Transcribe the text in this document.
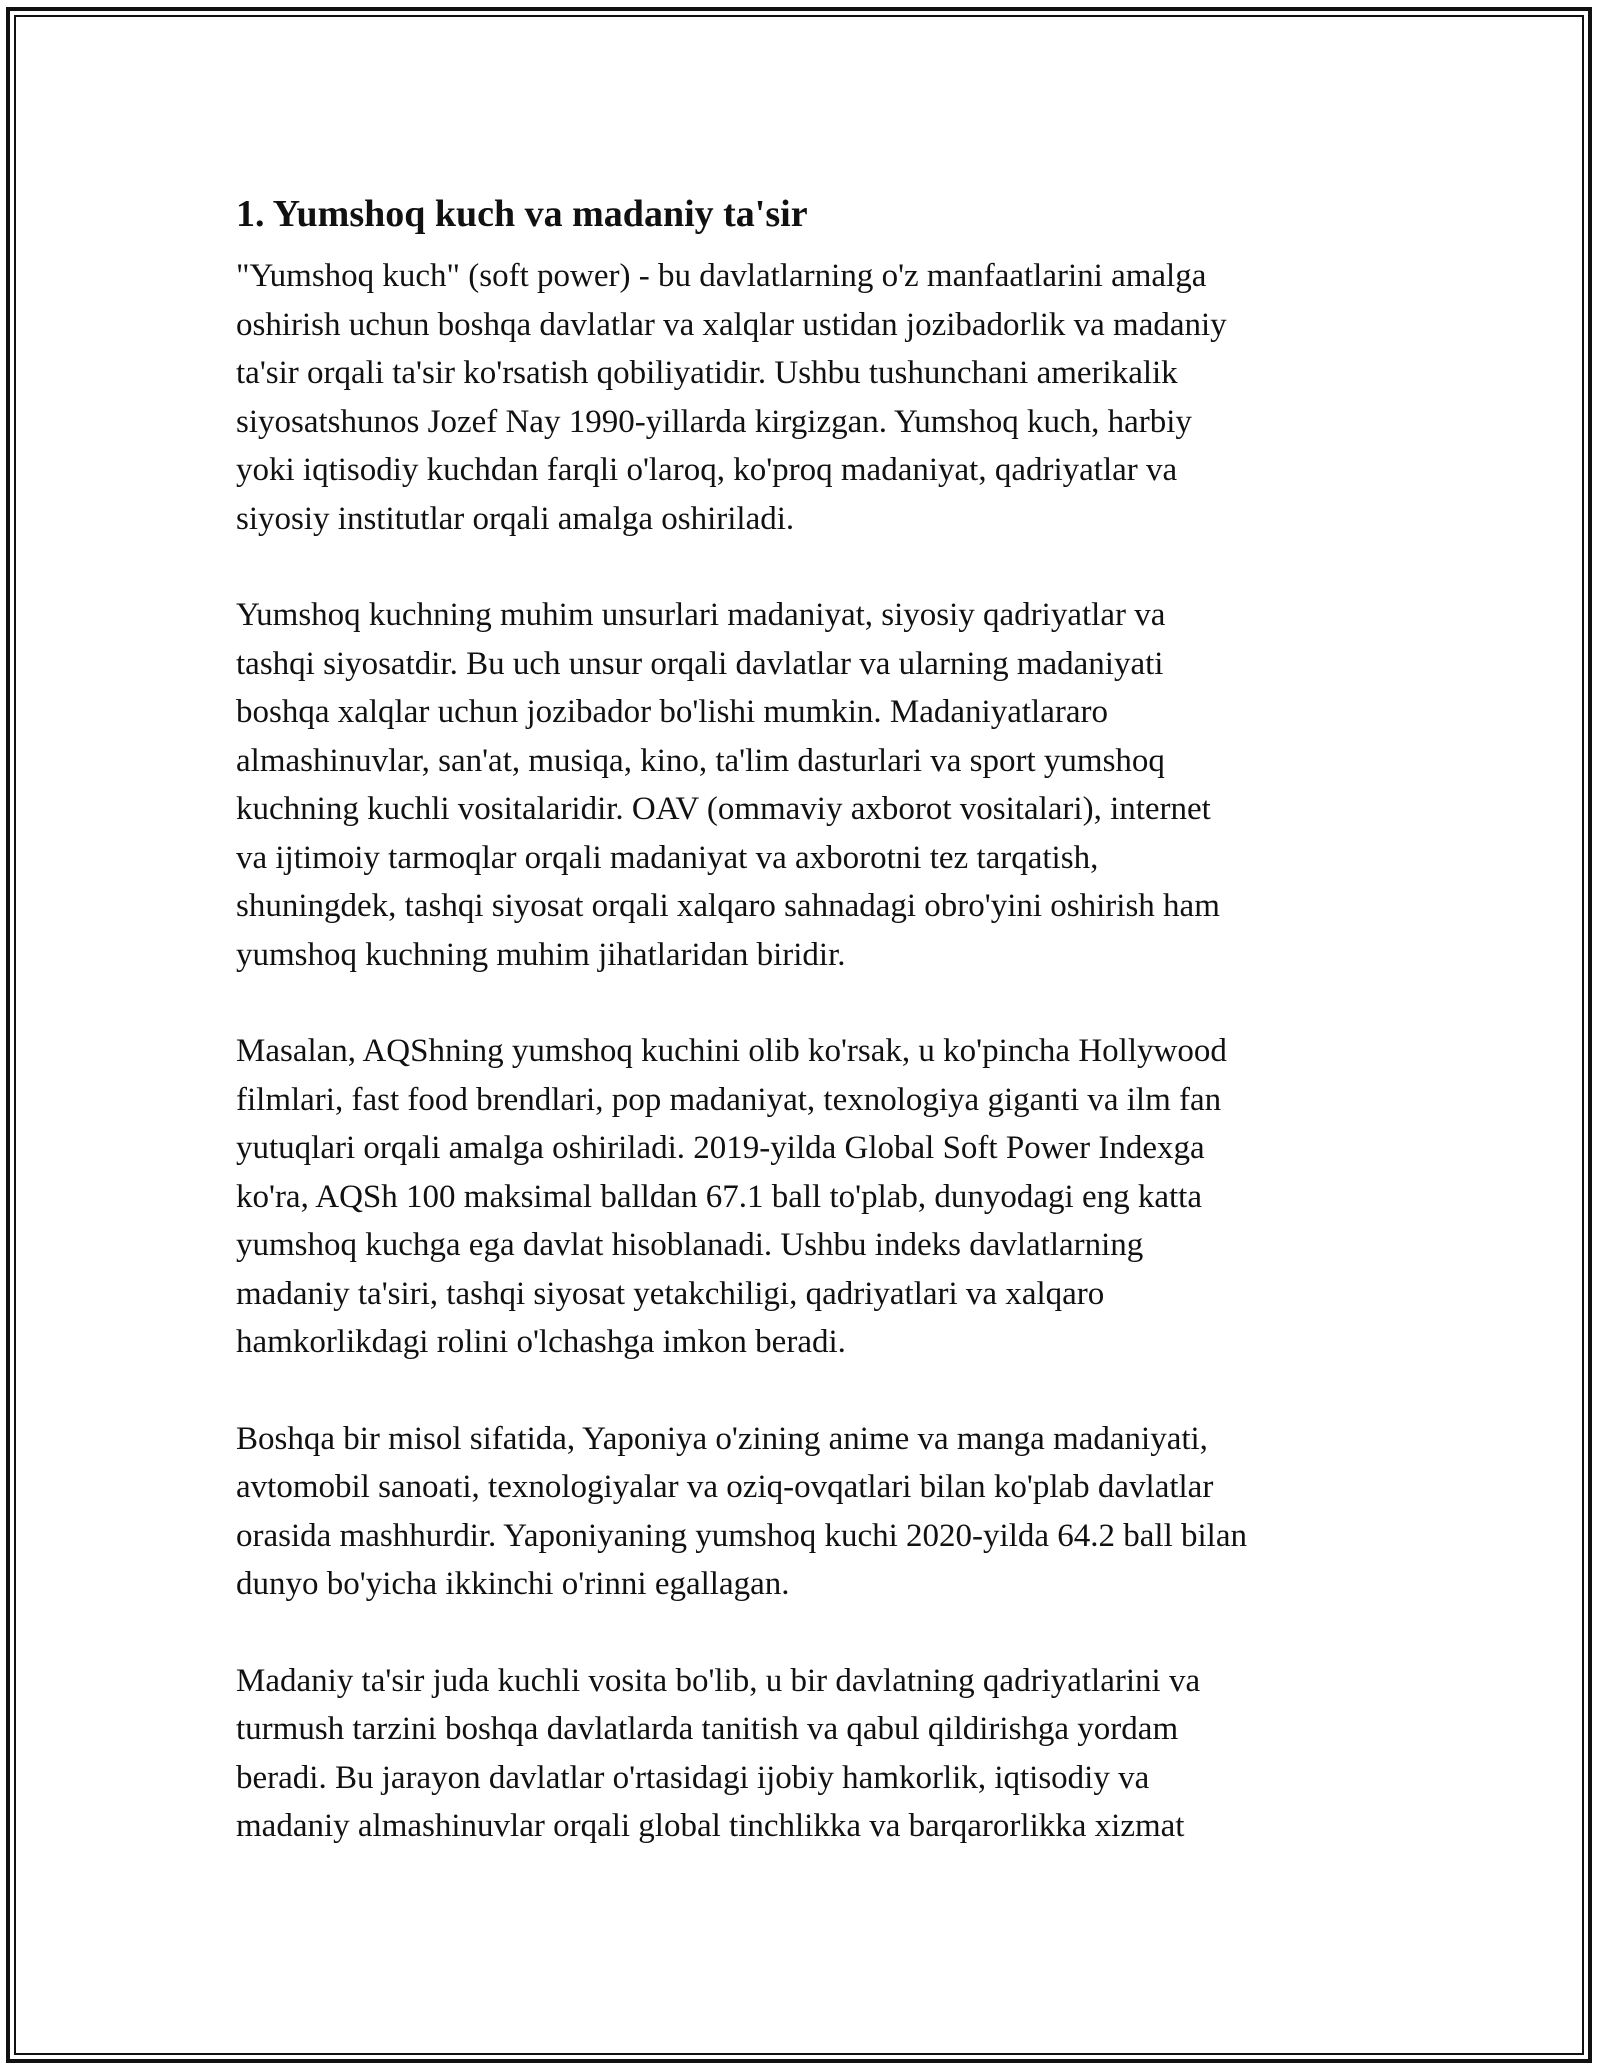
1. Yumshoq kuch va madaniy ta'sir

"Yumshoq kuch" (soft power) - bu davlatlarning o'z manfaatlarini amalga
oshirish uchun boshqa davlatlar va xalqlar ustidan jozibadorlik va madaniy
ta'sir orqali ta'sir ko'rsatish qobiliyatidir. Ushbu tushunchani amerikalik
siyosatshunos Jozef Nay 1990-yillarda kirgizgan. Yumshoq kuch, harbiy
yoki iqtisodiy kuchdan farqli o'laroq, ko'proq madaniyat, qadriyatlar va
siyosiy institutlar orqali amalga oshiriladi.

Yumshoq kuchning muhim unsurlari madaniyat, siyosiy qadriyatlar va
tashqi siyosatdir. Bu uch unsur orqali davlatlar va ularning madaniyati
boshqa xalqlar uchun jozibador bo'lishi mumkin. Madaniyatlararo
almashinuvlar, san'at, musiqa, kino, ta'lim dasturlari va sport yumshoq
kuchning kuchli vositalaridir. OAV (ommaviy axborot vositalari), internet
va ijtimoiy tarmoqlar orqali madaniyat va axborotni tez tarqatish,
shuningdek, tashqi siyosat orqali xalqaro sahnadagi obro'yini oshirish ham
yumshoq kuchning muhim jihatlaridan biridir.

Masalan, AQShning yumshoq kuchini olib ko'rsak, u ko'pincha Hollywood
filmlari, fast food brendlari, pop madaniyat, texnologiya giganti va ilm fan
yutuqlari orqali amalga oshiriladi. 2019-yilda Global Soft Power Indexga
ko'ra, AQSh 100 maksimal balldan 67.1 ball to'plab, dunyodagi eng katta
yumshoq kuchga ega davlat hisoblanadi. Ushbu indeks davlatlarning
madaniy ta'siri, tashqi siyosat yetakchiligi, qadriyatlari va xalqaro
hamkorlikdagi rolini o'lchashga imkon beradi.

Boshqa bir misol sifatida, Yaponiya o'zining anime va manga madaniyati,
avtomobil sanoati, texnologiyalar va oziq-ovqatlari bilan ko'plab davlatlar
orasida mashhurdir. Yaponiyaning yumshoq kuchi 2020-yilda 64.2 ball bilan
dunyo bo'yicha ikkinchi o'rinni egallagan.

Madaniy ta'sir juda kuchli vosita bo'lib, u bir davlatning qadriyatlarini va
turmush tarzini boshqa davlatlarda tanitish va qabul qildirishga yordam
beradi. Bu jarayon davlatlar o'rtasidagi ijobiy hamkorlik, iqtisodiy va
madaniy almashinuvlar orqali global tinchlikka va barqarorlikka xizmat
